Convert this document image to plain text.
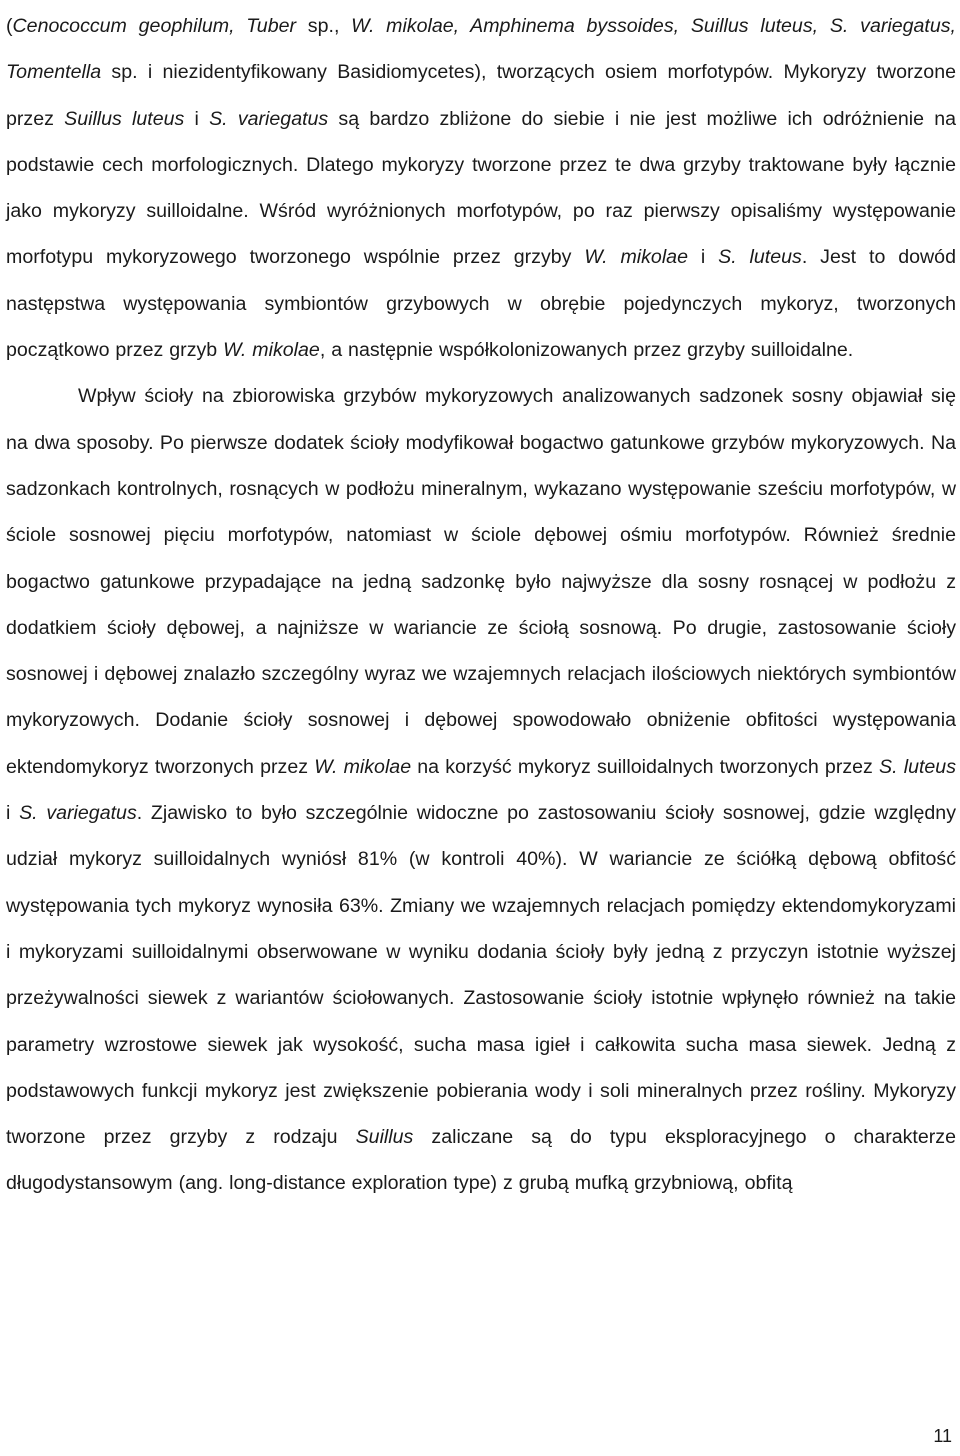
(Cenococcum geophilum, Tuber sp., W. mikolae, Amphinema byssoides, Suillus luteus, S. variegatus, Tomentella sp. i niezidentyfikowany Basidiomycetes), tworzących osiem morfotypów. Mykoryzy tworzone przez Suillus luteus i S. variegatus są bardzo zbliżone do siebie i nie jest możliwe ich odróżnienie na podstawie cech morfologicznych. Dlatego mykoryzy tworzone przez te dwa grzyby traktowane były łącznie jako mykoryzy suilloidalne. Wśród wyróżnionych morfotypów, po raz pierwszy opisaliśmy występowanie morfotypu mykoryzowego tworzonego wspólnie przez grzyby W. mikolae i S. luteus. Jest to dowód następstwa występowania symbiontów grzybowych w obrębie pojedynczych mykoryz, tworzonych początkowo przez grzyb W. mikolae, a następnie współkolonizowanych przez grzyby suilloidalne.

Wpływ ścioły na zbiorowiska grzybów mykoryzowych analizowanych sadzonek sosny objawiał się na dwa sposoby. Po pierwsze dodatek ścioły modyfikował bogactwo gatunkowe grzybów mykoryzowych. Na sadzonkach kontrolnych, rosnących w podłożu mineralnym, wykazano występowanie sześciu morfotypów, w ściole sosnowej pięciu morfotypów, natomiast w ściole dębowej ośmiu morfotypów. Również średnie bogactwo gatunkowe przypadające na jedną sadzonkę było najwyższe dla sosny rosnącej w podłożu z dodatkiem ścioły dębowej, a najniższe w wariancie ze ściołą sosnową. Po drugie, zastosowanie ścioły sosnowej i dębowej znalazło szczególny wyraz we wzajemnych relacjach ilościowych niektórych symbiontów mykoryzowych. Dodanie ścioły sosnowej i dębowej spowodowało obniżenie obfitości występowania ektendomykoryz tworzonych przez W. mikolae na korzyść mykoryz suilloidalnych tworzonych przez S. luteus i S. variegatus. Zjawisko to było szczególnie widoczne po zastosowaniu ścioły sosnowej, gdzie względny udział mykoryz suilloidalnych wyniósł 81% (w kontroli 40%). W wariancie ze ściółką dębową obfitość występowania tych mykoryz wynosiła 63%. Zmiany we wzajemnych relacjach pomiędzy ektendomykoryzami i mykoryzami suilloidalnymi obserwowane w wyniku dodania ścioły były jedną z przyczyn istotnie wyższej przeżywalności siewek z wariantów ściołowanych. Zastosowanie ścioły istotnie wpłynęło również na takie parametry wzrostowe siewek jak wysokość, sucha masa igieł i całkowita sucha masa siewek. Jedną z podstawowych funkcji mykoryz jest zwiększenie pobierania wody i soli mineralnych przez rośliny. Mykoryzy tworzone przez grzyby z rodzaju Suillus zaliczane są do typu eksploracyjnego o charakterze długodystansowym (ang. long-distance exploration type) z grubą mufką grzybniową, obfitą

11
